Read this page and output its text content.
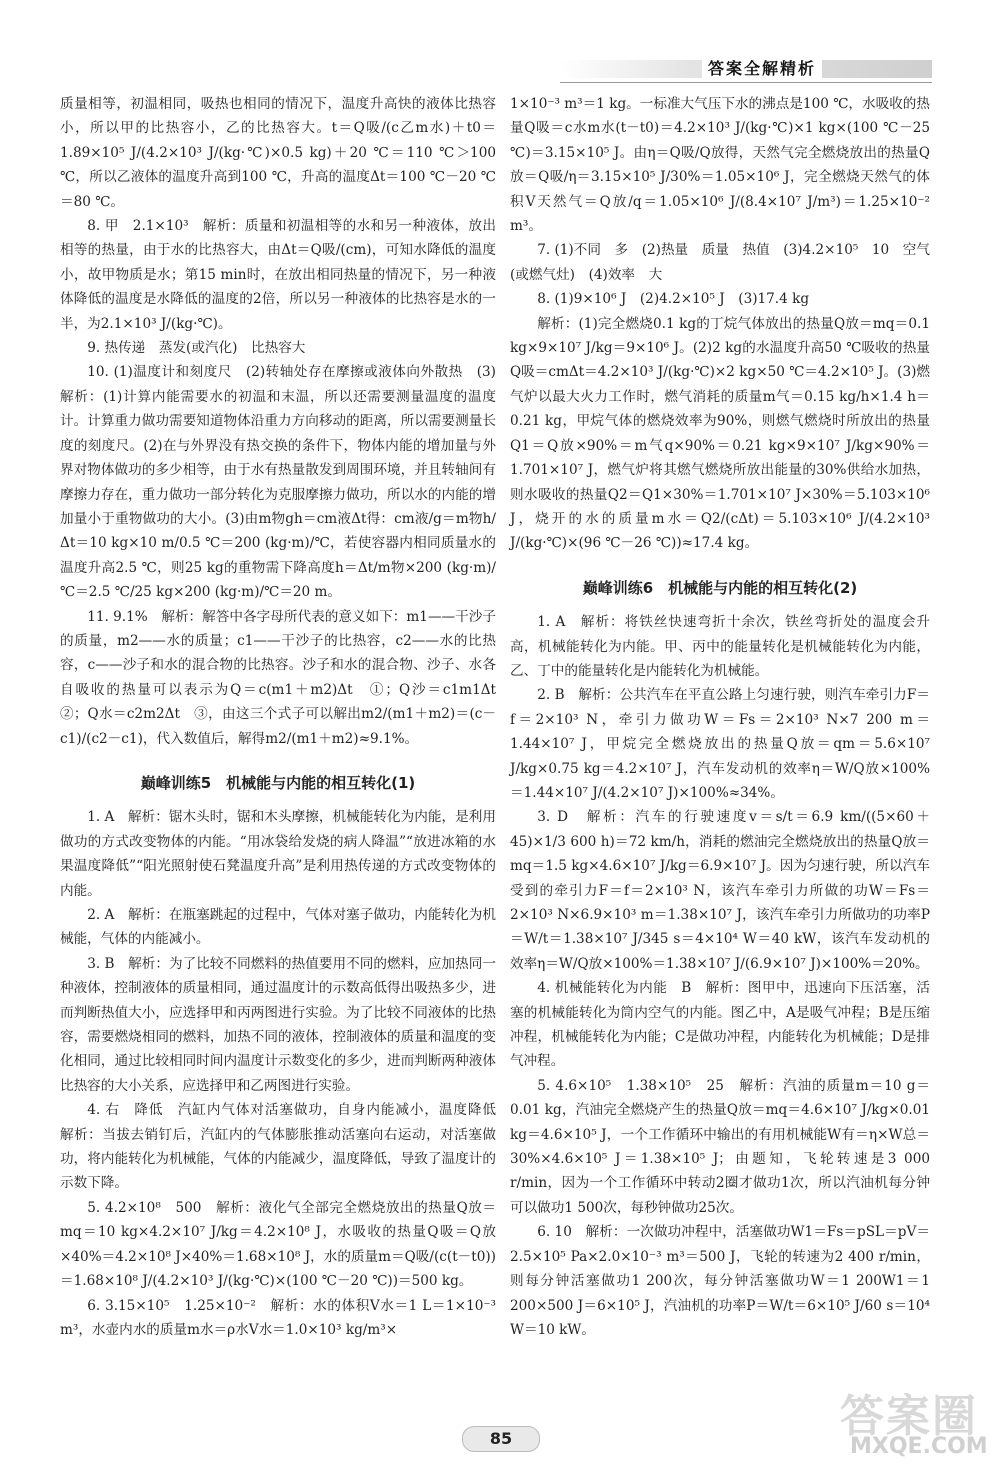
答案全解精析

质量相等，初温相同，吸热也相同的情况下，温度升高快的液体比热容小，所以甲的比热容小，乙的比热容大。t＝Q吸/(c乙m水)＋t0＝1.89×10⁵ J/(4.2×10³ J/(kg·℃)×0.5 kg)＋20 ℃＝110 ℃＞100 ℃，所以乙液体的温度升高到100 ℃，升高的温度Δt＝100 ℃－20 ℃＝80 ℃。

8. 甲　2.1×10³　解析：质量和初温相等的水和另一种液体，放出相等的热量，由于水的比热容大，由Δt＝Q吸/(cm)，可知水降低的温度小，故甲物质是水；第15 min时，在放出相同热量的情况下，另一种液体降低的温度是水降低的温度的2倍，所以另一种液体的比热容是水的一半，为2.1×10³ J/(kg·℃)。

9. 热传递　蒸发(或汽化)　比热容大

10. (1)温度计和刻度尺　(2)转轴处存在摩擦或液体向外散热　(3)　解析：(1)计算内能需要水的初温和末温，所以还需要测量温度的温度计。计算重力做功需要知道物体沿重力方向移动的距离，所以需要测量长度的刻度尺。(2)在与外界没有热交换的条件下，物体内能的增加量与外界对物体做功的多少相等，由于水有热量散发到周围环境，并且转轴间有摩擦力存在，重力做功一部分转化为克服摩擦力做功，所以水的内能的增加量小于重物做功的大小。(3)由m物gh＝cm液Δt得：cm液/g＝m物h/Δt＝10 kg×10 m/0.5 ℃＝200 (kg·m)/℃，若使容器内相同质量水的温度升高2.5 ℃，则25 kg的重物需下降高度h＝Δt/m物×200 (kg·m)/℃＝2.5 ℃/25 kg×200 (kg·m)/℃＝20 m。

11. 9.1%　解析：解答中各字母所代表的意义如下：m1——干沙子的质量，m2——水的质量；c1——干沙子的比热容，c2——水的比热容，c——沙子和水的混合物的比热容。沙子和水的混合物、沙子、水各自吸收的热量可以表示为Q＝c(m1＋m2)Δt　①；Q沙＝c1m1Δt　②；Q水＝c2m2Δt　③，由这三个式子可以解出m2/(m1＋m2)＝(c－c1)/(c2－c1)，代入数值后，解得m2/(m1＋m2)≈9.1%。

巅峰训练5　机械能与内能的相互转化(1)

1. A　解析：锯木头时，锯和木头摩擦，机械能转化为内能，是利用做功的方式改变物体的内能。“用冰袋给发烧的病人降温”“放进冰箱的水果温度降低”“阳光照射使石凳温度升高”是利用热传递的方式改变物体的内能。

2. A　解析：在瓶塞跳起的过程中，气体对塞子做功，内能转化为机械能，气体的内能减小。

3. B　解析：为了比较不同燃料的热值要用不同的燃料，应加热同一种液体，控制液体的质量相同，通过温度计的示数高低得出吸热多少，进而判断热值大小，应选择甲和丙两图进行实验。为了比较不同液体的比热容，需要燃烧相同的燃料，加热不同的液体，控制液体的质量和温度的变化相同，通过比较相同时间内温度计示数变化的多少，进而判断两种液体比热容的大小关系，应选择甲和乙两图进行实验。

4. 右　降低　汽缸内气体对活塞做功，自身内能减小，温度降低　解析：当拔去销钉后，汽缸内的气体膨胀推动活塞向右运动，对活塞做功，将内能转化为机械能，气体的内能减少，温度降低，导致了温度计的示数下降。

5. 4.2×10⁸　500　解析：液化气全部完全燃烧放出的热量Q放＝mq＝10 kg×4.2×10⁷ J/kg＝4.2×10⁸ J，水吸收的热量Q吸＝Q放×40%＝4.2×10⁸ J×40%＝1.68×10⁸ J，水的质量m＝Q吸/(c(t－t0))＝1.68×10⁸ J/(4.2×10³ J/(kg·℃)×(100 ℃－20 ℃))＝500 kg。

6. 3.15×10⁵　1.25×10⁻²　解析：水的体积V水＝1 L＝1×10⁻³ m³，水壶内水的质量m水＝ρ水V水＝1.0×10³ kg/m³×

1×10⁻³ m³＝1 kg。一标准大气压下水的沸点是100 ℃，水吸收的热量Q吸＝c水m水(t－t0)＝4.2×10³ J/(kg·℃)×1 kg×(100 ℃－25 ℃)＝3.15×10⁵ J。由η＝Q吸/Q放得，天然气完全燃烧放出的热量Q放＝Q吸/η＝3.15×10⁵ J/30%＝1.05×10⁶ J，完全燃烧天然气的体积V天然气＝Q放/q＝1.05×10⁶ J/(8.4×10⁷ J/m³)＝1.25×10⁻² m³。

7. (1)不同　多　(2)热量　质量　热值　(3)4.2×10⁵　10　空气(或燃气灶)　(4)效率　大

8. (1)9×10⁶ J　(2)4.2×10⁵ J　(3)17.4 kg

解析：(1)完全燃烧0.1 kg的丁烷气体放出的热量Q放＝mq＝0.1 kg×9×10⁷ J/kg＝9×10⁶ J。(2)2 kg的水温度升高50 ℃吸收的热量Q吸＝cmΔt＝4.2×10³ J/(kg·℃)×2 kg×50 ℃＝4.2×10⁵ J。(3)燃气炉以最大火力工作时，燃气消耗的质量m气＝0.15 kg/h×1.4 h＝0.21 kg，甲烷气体的燃烧效率为90%，则燃气燃烧时所放出的热量Q1＝Q放×90%＝m气q×90%＝0.21 kg×9×10⁷ J/kg×90%＝1.701×10⁷ J，燃气炉将其燃气燃烧所放出能量的30%供给水加热，则水吸收的热量Q2＝Q1×30%＝1.701×10⁷ J×30%＝5.103×10⁶ J，烧开的水的质量m水＝Q2/(cΔt)＝5.103×10⁶ J/(4.2×10³ J/(kg·℃)×(96 ℃－26 ℃))≈17.4 kg。

巅峰训练6　机械能与内能的相互转化(2)

1. A　解析：将铁丝快速弯折十余次，铁丝弯折处的温度会升高，机械能转化为内能。甲、丙中的能量转化是机械能转化为内能，乙、丁中的能量转化是内能转化为机械能。

2. B　解析：公共汽车在平直公路上匀速行驶，则汽车牵引力F＝f＝2×10³ N，牵引力做功W＝Fs＝2×10³ N×7 200 m＝1.44×10⁷ J，甲烷完全燃烧放出的热量Q放＝qm＝5.6×10⁷ J/kg×0.75 kg＝4.2×10⁷ J，汽车发动机的效率η＝W/Q放×100%＝1.44×10⁷ J/(4.2×10⁷ J)×100%≈34%。

3. D　解析：汽车的行驶速度v＝s/t＝6.9 km/((5×60＋45)×1/3 600 h)＝72 km/h，消耗的燃油完全燃烧放出的热量Q放＝mq＝1.5 kg×4.6×10⁷ J/kg＝6.9×10⁷ J。因为匀速行驶，所以汽车受到的牵引力F＝f＝2×10³ N，该汽车牵引力所做的功W＝Fs＝2×10³ N×6.9×10³ m＝1.38×10⁷ J，该汽车牵引力所做功的功率P＝W/t＝1.38×10⁷ J/345 s＝4×10⁴ W＝40 kW，该汽车发动机的效率η＝W/Q放×100%＝1.38×10⁷ J/(6.9×10⁷ J)×100%＝20%。

4. 机械能转化为内能　B　解析：图甲中，迅速向下压活塞，活塞的机械能转化为筒内空气的内能。图乙中，A是吸气冲程；B是压缩冲程，机械能转化为内能；C是做功冲程，内能转化为机械能；D是排气冲程。

5. 4.6×10⁵　1.38×10⁵　25　解析：汽油的质量m＝10 g＝0.01 kg，汽油完全燃烧产生的热量Q放＝mq＝4.6×10⁷ J/kg×0.01 kg＝4.6×10⁵ J，一个工作循环中输出的有用机械能W有＝η×W总＝30%×4.6×10⁵ J＝1.38×10⁵ J；由题知，飞轮转速是3 000 r/min，因为一个工作循环中转动2圈才做功1次，所以汽油机每分钟可以做功1 500次，每秒钟做功25次。

6. 10　解析：一次做功冲程中，活塞做功W1＝Fs＝pSL＝pV＝2.5×10⁵ Pa×2.0×10⁻³ m³＝500 J，飞轮的转速为2 400 r/min，则每分钟活塞做功1 200次，每分钟活塞做功W＝1 200W1＝1 200×500 J＝6×10⁵ J，汽油机的功率P＝W/t＝6×10⁵ J/60 s＝10⁴ W＝10 kW。

85	答案圈
MXQE.COM
